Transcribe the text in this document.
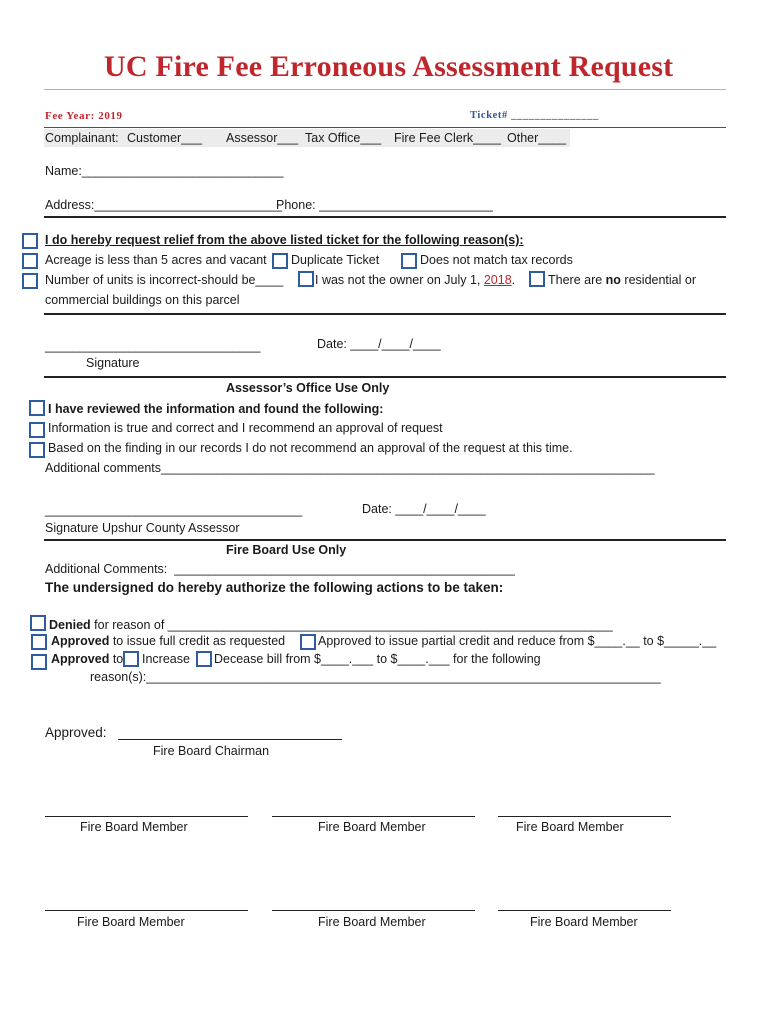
UC Fire Fee Erroneous Assessment Request
Fee Year: 2019	Ticket# _______________
Complainant: Customer___ Assessor___ Tax Office___ Fire Fee Clerk____ Other____
Name:_____________________________
Address:___________________________
Phone: _________________________
I do hereby request relief from the above listed ticket for the following reason(s):
Acreage is less than 5 acres and vacant Duplicate Ticket	Does not match tax records
Number of units is incorrect-should be____	I was not the owner on July 1, 2018.	There are no residential or
commercial buildings on this parcel
_______________________________	Date: ____/____/____
Signature
Assessor’s Office Use Only
I have reviewed the information and found the following:
Information is true and correct and I recommend an approval of request
Based on the finding in our records I do not recommend an approval of the request at this time.
Additional comments_______________________________________________________________________
_____________________________________	Date: ____/____/____
Signature Upshur County Assessor
Fire Board Use Only
Additional Comments:  _________________________________________________
The undersigned do hereby authorize the following actions to be taken:
Denied for reason of ________________________________________________________________
Approved to issue full credit as requested	Approved to issue partial credit and reduce from $____.__ to $_____.__
Approved to Increase Decease bill from $____.___ to $____.___ for the following
reason(s):__________________________________________________________________________
Approved:
Fire Board Chairman
Fire Board Member	Fire Board Member	Fire Board Member
Fire Board Member	Fire Board Member	Fire Board Member
